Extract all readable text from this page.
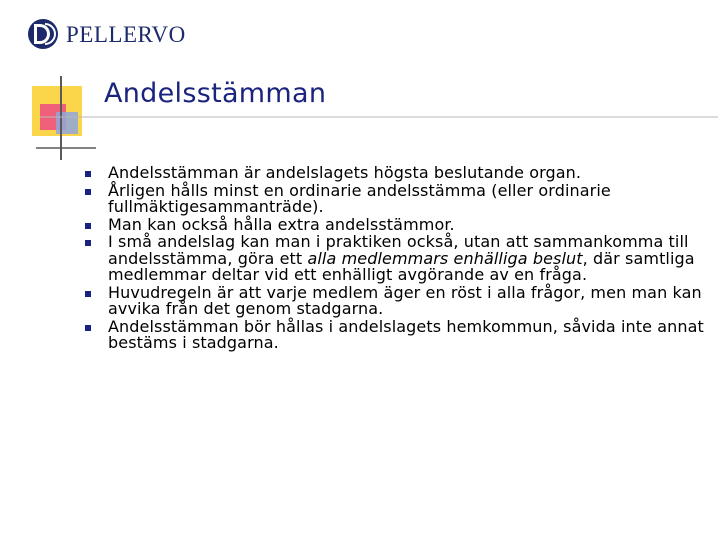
PELLERVO
Andelsstämman
Andelsstämman är andelslagets högsta beslutande organ.
Årligen hålls minst en ordinarie andelsstämma (eller ordinarie fullmäktigesammanträde).
Man kan också hålla extra andelsstämmor.
I små andelslag kan man i praktiken också, utan att sammankomma till andelsstämma, göra ett alla medlemmars enhälliga beslut, där samtliga medlemmar deltar vid ett enhälligt avgörande av en fråga.
Huvudregeln är att varje medlem äger en röst i alla frågor, men man kan avvika från det genom stadgarna.
Andelsstämman bör hållas i andelslagets hemkommun, såvida inte annat bestäms i stadgarna.
